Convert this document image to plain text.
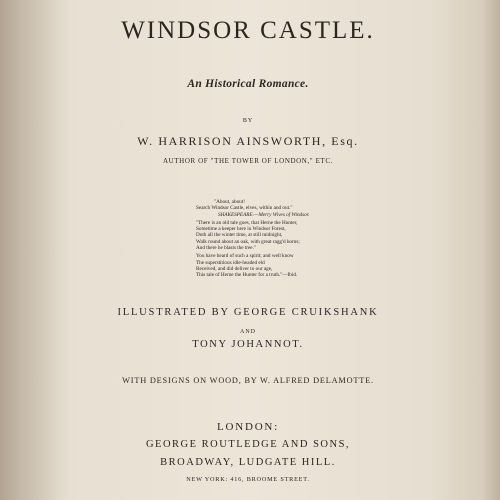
WINDSOR CASTLE.

An Historical Romance.

BY

W. HARRISON AINSWORTH, Esq.

AUTHOR OF "THE TOWER OF LONDON," ETC.

"About, about!
Search Windsor Castle, elves, within and out."
SHAKESPEARE.—Merry Wives of Windsor.
"There is an old tale goes, that Herne the Hunter,
Sometime a keeper here in Windsor Forest,
Doth all the winter time, at still midnight,
Walk round about an oak, with great ragg'd horns;
And there he blasts the tree."
You have heard of such a spirit; and well know
The superstitious idle-headed eld
Received, and did deliver to our age,
This tale of Herne the Hunter for a truth."—Ibid.

ILLUSTRATED BY GEORGE CRUIKSHANK

AND

TONY JOHANNOT.

WITH DESIGNS ON WOOD, BY W. ALFRED DELAMOTTE.

LONDON:

GEORGE ROUTLEDGE AND SONS,

BROADWAY, LUDGATE HILL.

NEW YORK: 416, BROOME STREET.
